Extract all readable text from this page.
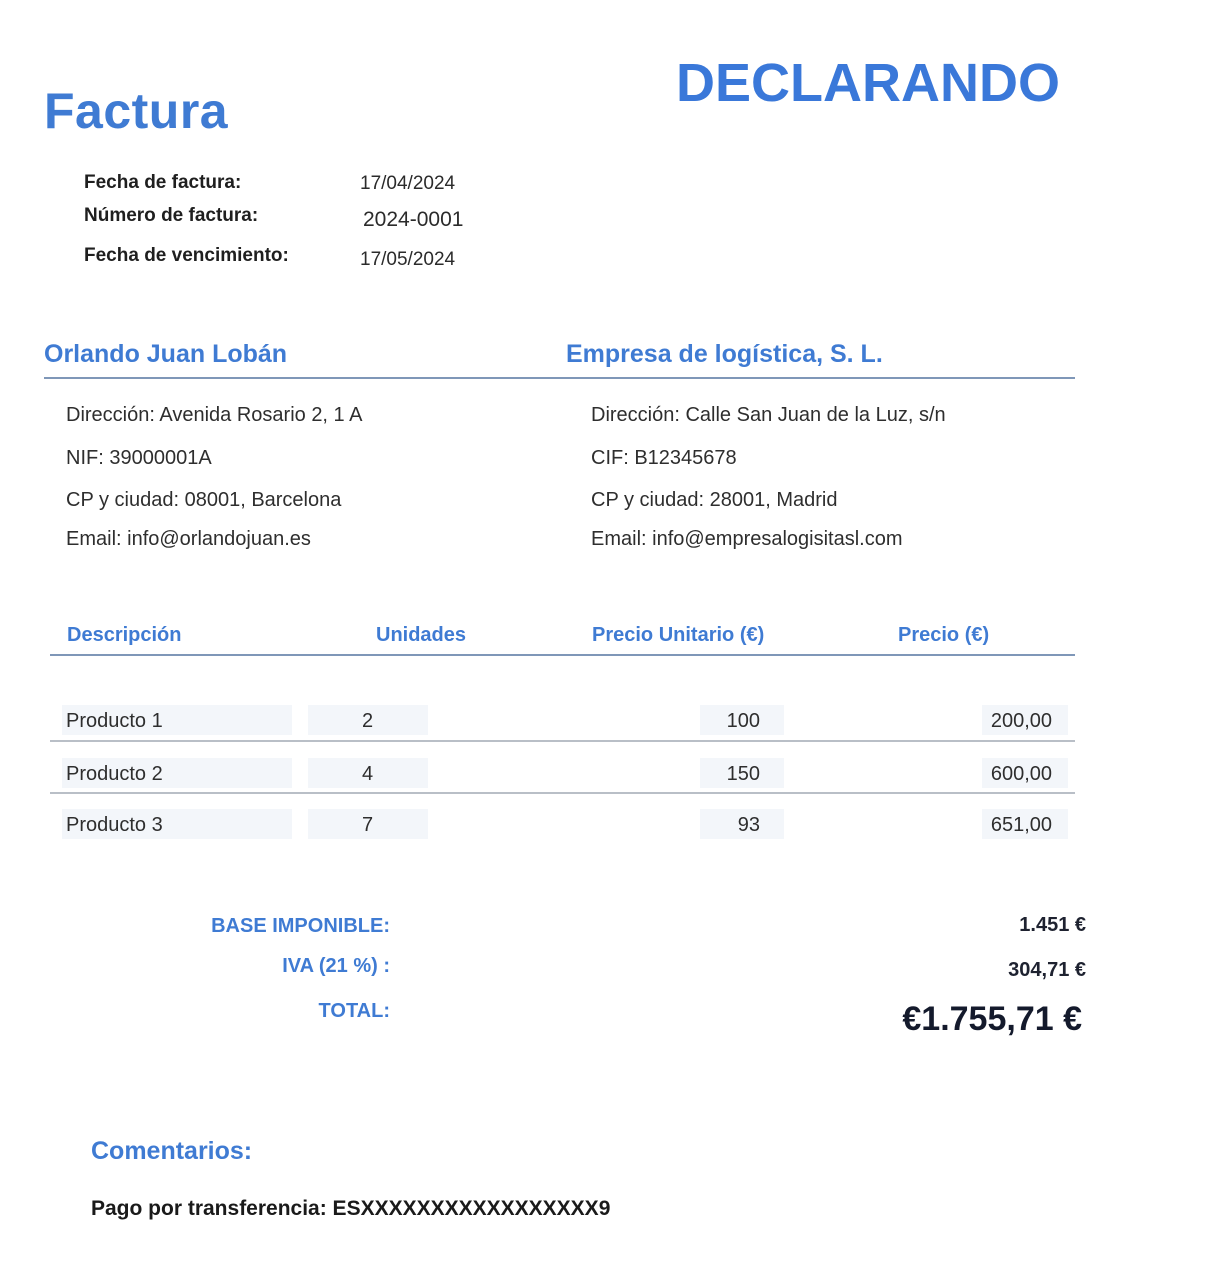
Factura	DECLARANDO
Fecha de factura:	17/04/2024
Número de factura:	2024-0001
Fecha de vencimiento:	17/05/2024
Orlando Juan Lobán	Empresa de logística, S. L.
Dirección: Avenida Rosario 2, 1 A
NIF: 39000001A
CP y ciudad: 08001, Barcelona
Email: info@orlandojuan.es
Dirección: Calle San Juan de la Luz, s/n
CIF: B12345678
CP y ciudad: 28001, Madrid
Email: info@empresalogisitasl.com
Descripción	Unidades	Precio Unitario (€)	Precio (€)
Producto 1	2	100	200,00
Producto 2	4	150	600,00
Producto 3	7	93	651,00
BASE IMPONIBLE:	1.451 €
IVA (21 %) :	304,71 €
TOTAL:	€1.755,71 €
Comentarios:
Pago por transferencia: ESXXXXXXXXXXXXXXXXX9
